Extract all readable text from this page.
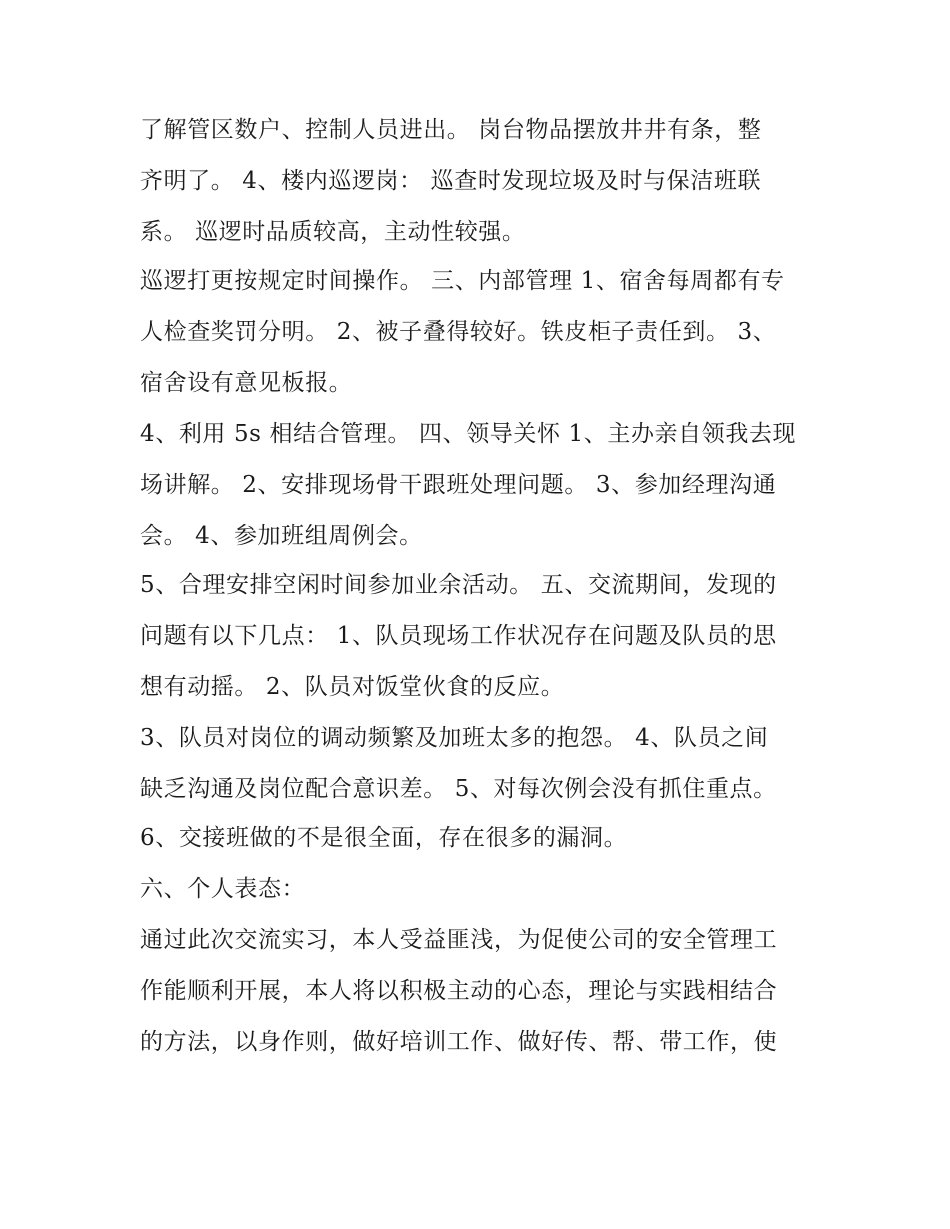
了解管区数户、控制人员进出。 岗台物品摆放井井有条，整
齐明了。 4、楼内巡逻岗： 巡查时发现垃圾及时与保洁班联
系。 巡逻时品质较高，主动性较强。
巡逻打更按规定时间操作。 三、内部管理 1、宿舍每周都有专
人检查奖罚分明。 2、被子叠得较好。铁皮柜子责任到。 3、
宿舍设有意见板报。
4、利用 5s 相结合管理。 四、领导关怀 1、主办亲自领我去现
场讲解。 2、安排现场骨干跟班处理问题。 3、参加经理沟通
会。 4、参加班组周例会。
5、合理安排空闲时间参加业余活动。 五、交流期间，发现的
问题有以下几点： 1、队员现场工作状况存在问题及队员的思
想有动摇。 2、队员对饭堂伙食的反应。
3、队员对岗位的调动频繁及加班太多的抱怨。 4、队员之间
缺乏沟通及岗位配合意识差。 5、对每次例会没有抓住重点。
6、交接班做的不是很全面，存在很多的漏洞。
六、个人表态：
通过此次交流实习，本人受益匪浅，为促使公司的安全管理工
作能顺利开展，本人将以积极主动的心态，理论与实践相结合
的方法，以身作则，做好培训工作、做好传、帮、带工作，使
